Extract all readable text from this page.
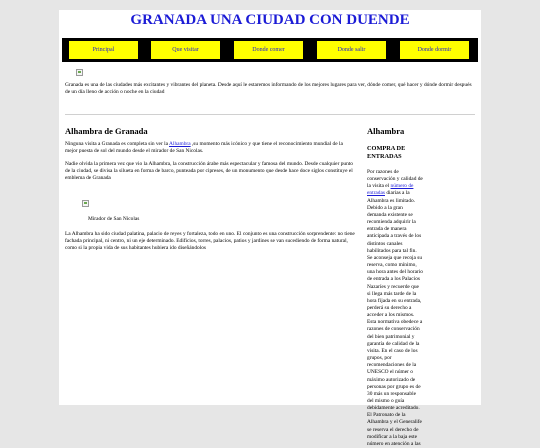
GRANADA UNA CIUDAD CON DUENDE
Principal	Que visitar	Donde comer	Donde salir	Donde dormir

Granada es una de las ciudades más excitantes y vibrantes del planeta. Desde aquí le estaremos informando de los mejores lugares para ver, dónde comer, qué hacer y dónde dormir después de un día lleno de acción o noche en la ciudad

Alhambra de Granada

Ninguna visita a Granada es completa sin ver la Alhambra ,su momento más icónico y que tiene el reconocimiento mundial de la mejor puesta de sol del mundo desde el mirador de San Nicolas.

Nadie olvida la primera vez que vio la Alhambra, la construcción árabe más espectacular y famosa del mundo. Desde cualquier punto de la ciudad, se divisa la silueta en forma de barco, punteada por cipreses, de un monumento que desde hace doce siglos constituye el emblema de Granada

Mirador de San Nicolas

La Alhambra ha sido ciudad palatina, palacio de reyes y fortaleza, todo en uno. El conjunto es una construcción sorprendente: no tiene fachada principal, ni centro, ni un eje determinado. Edificios, torres, palacios, patios y jardines se van sucediendo de forma natural, como si la propia vida de sus habitantes hubiera ido diseñándolos

Alhambra
COMPRA DE ENTRADAS

Por razones de conservación y calidad de la visita el número de entradas diarias a la Alhambra es limitado. Debido a la gran demanda existente se recomienda adquirir la entrada de manera anticipada a través de los distintos canales habilitados para tal fin. Se aconseja que recoja su reserva, como mínimo, una hora antes del horario de entrada a los Palacios Nazaríes y recuerde que si llega más tarde de la hora fijada en su entrada, perderá su derecho a acceder a los mismos. Esta normativa obedece a razones de conservación del bien patrimonial y garantía de calidad de la visita. En el caso de los grupos, por recomendaciones de la UNESCO el númer o máximo autorizado de personas por grupo es de 30 más un responsable del mismo o guía debidamente acreditado. El Patronato de la Alhambra y el Generalife se reserva el derecho de modificar a la baja este número en atención a las
